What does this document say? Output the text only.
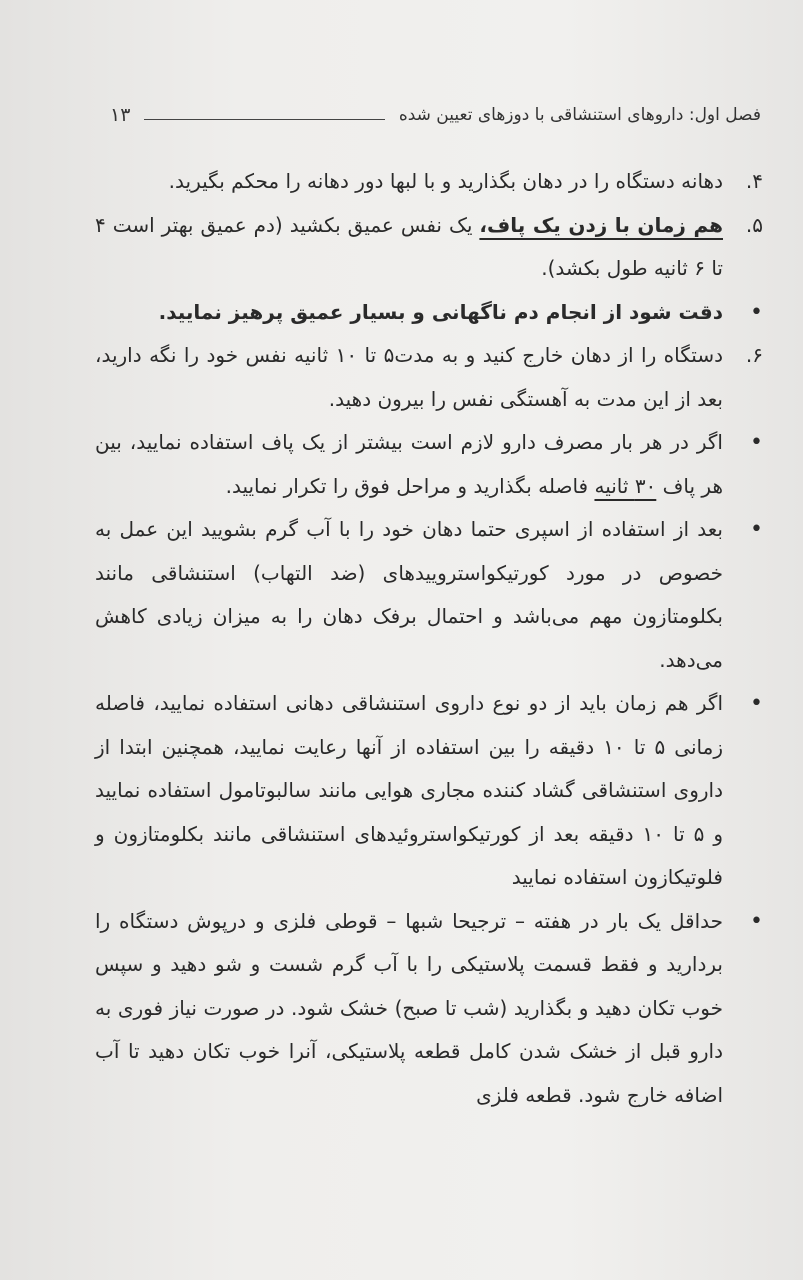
فصل اول: داروهای استنشاقی با دوزهای تعیین شده
۱۳
۴.
دهانه دستگاه را در دهان بگذارید و با لبها دور دهانه را محکم بگیرید.
۵.
هم زمان با زدن یک پاف، یک نفس عمیق بکشید (دم عمیق بهتر است ۴ تا ۶ ثانیه طول بکشد).
•
دقت شود از انجام دم ناگهانی و بسیار عمیق پرهیز نمایید.
۶.
دستگاه را از دهان خارج کنید و به مدت۵ تا ۱۰ ثانیه نفس خود را نگه دارید، بعد از این مدت به آهستگی نفس را بیرون دهید.
•
اگر در هر بار مصرف دارو لازم است بیشتر از یک پاف استفاده نمایید، بین هر پاف ۳۰ ثانیه فاصله بگذارید و مراحل فوق را تکرار نمایید.
•
بعد از استفاده از اسپری حتما دهان خود را با آب گرم بشویید این عمل به خصوص در مورد کورتیکواستروییدهای (ضد التهاب) استنشاقی مانند بکلومتازون مهم می‌باشد و احتمال برفک دهان را به میزان زیادی کاهش می‌دهد.
•
اگر هم زمان باید از دو نوع داروی استنشاقی دهانی استفاده نمایید، فاصله زمانی ۵ تا ۱۰ دقیقه را بین استفاده از آنها رعایت نمایید، همچنین ابتدا از داروی استنشاقی گشاد کننده مجاری هوایی مانند سالبوتامول استفاده نمایید و ۵ تا ۱۰ دقیقه بعد از کورتیکواستروئیدهای استنشاقی مانند بکلومتازون و فلوتیکازون استفاده نمایید
•
حداقل یک بار در هفته – ترجیحا شبها – قوطی فلزی و درپوش دستگاه را بردارید و فقط قسمت پلاستیکی را با آب گرم شست و شو دهید و سپس خوب تکان دهید و بگذارید (شب تا صبح) خشک شود. در صورت نیاز فوری به دارو قبل از خشک شدن کامل قطعه پلاستیکی، آنرا خوب تکان دهید تا آب اضافه خارج شود. قطعه فلزی
